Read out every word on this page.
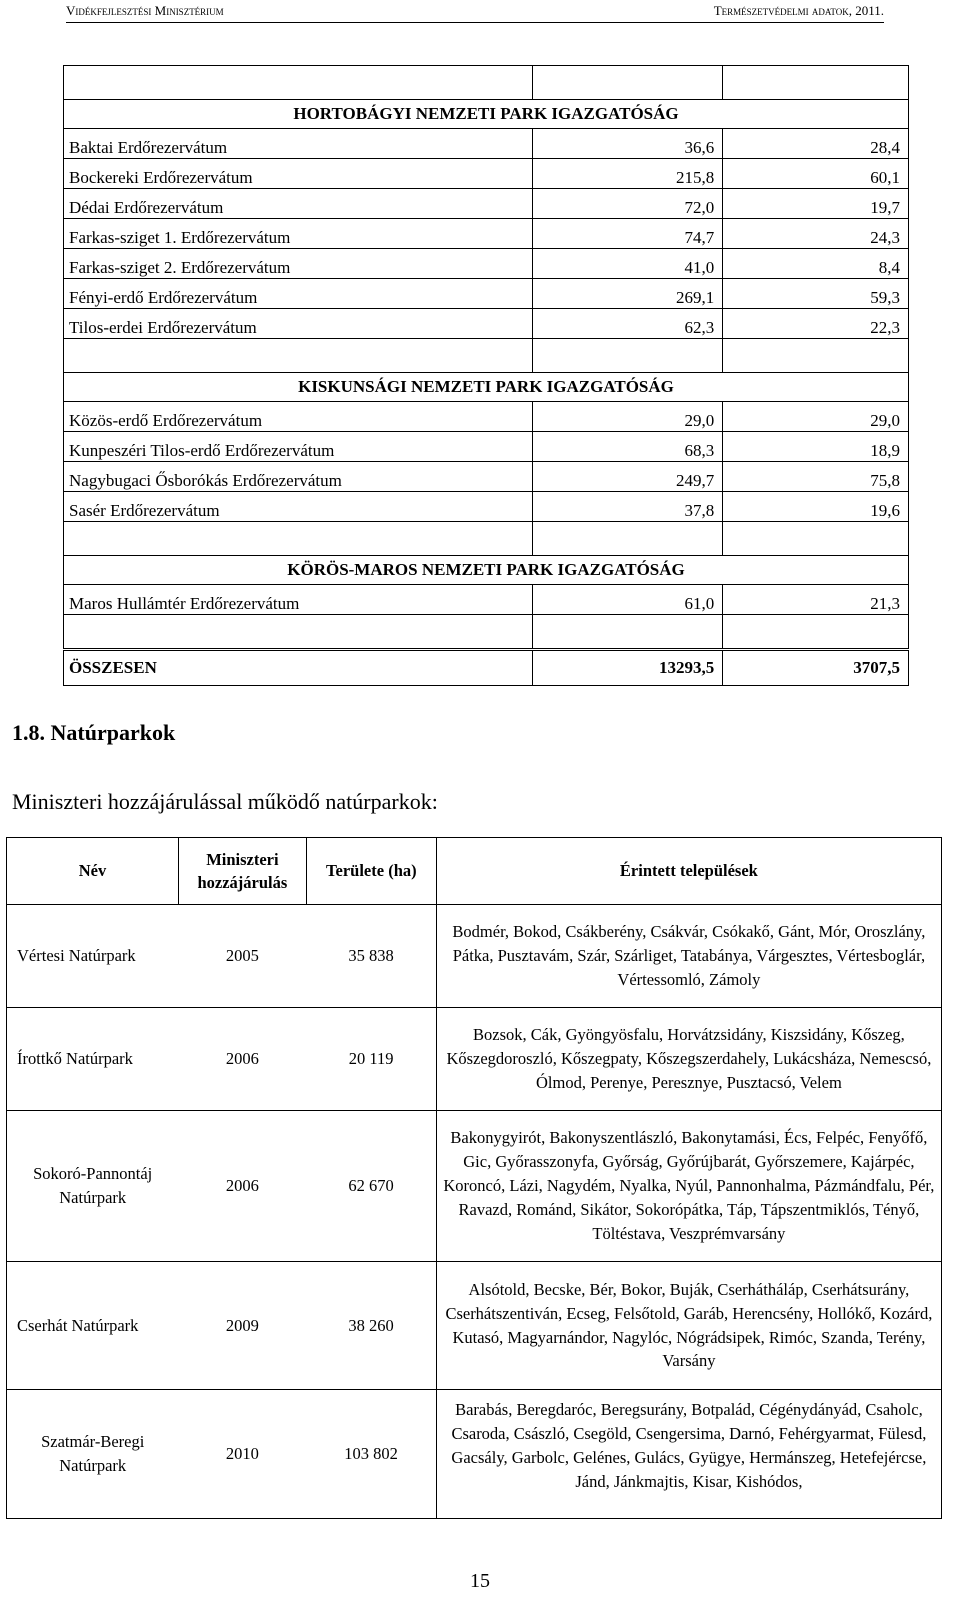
Vidékfejlesztési Minisztérium	Természetvédelmi adatok, 2011.

HORTOBÁGYI NEMZETI PARK IGAZGATÓSÁG		
Baktai Erdőrezervátum	36,6	28,4
Bockereki Erdőrezervátum	215,8	60,1
Dédai Erdőrezervátum	72,0	19,7
Farkas-sziget 1. Erdőrezervátum	74,7	24,3
Farkas-sziget 2. Erdőrezervátum	41,0	8,4
Fényi-erdő Erdőrezervátum	269,1	59,3
Tilos-erdei Erdőrezervátum	62,3	22,3

KISKUNSÁGI NEMZETI PARK IGAZGATÓSÁG		
Közös-erdő Erdőrezervátum	29,0	29,0
Kunpeszéri Tilos-erdő Erdőrezervátum	68,3	18,9
Nagybugaci Ősborókás Erdőrezervátum	249,7	75,8
Sasér Erdőrezervátum	37,8	19,6

KÖRÖS-MAROS NEMZETI PARK IGAZGATÓSÁG		
Maros Hullámtér Erdőrezervátum	61,0	21,3

ÖSSZESEN	13293,5	3707,5
1.8. Natúrparkok
Miniszteri hozzájárulással működő natúrparkok:
Név	Miniszteri hozzájárulás	Területe (ha)	Érintett települések
Vértesi Natúrpark	2005	35 838	Bodmér, Bokod, Csákberény, Csákvár, Csókakő, Gánt, Mór, Oroszlány, Pátka, Pusztavám, Szár, Szárliget, Tatabánya, Várgesztes, Vértesboglár, Vértessomló, Zámoly
Írottkő Natúrpark	2006	20 119	Bozsok, Cák, Gyöngyösfalu, Horvátzsidány, Kiszsidány, Kőszeg, Kőszegdoroszló, Kőszegpaty, Kőszegszerdahely, Lukácsháza, Nemescsó, Ólmod, Perenye, Peresznye, Pusztacsó, Velem
Sokoró-Pannontáj Natúrpark	2006	62 670	Bakonygyirót, Bakonyszentlászló, Bakonytamási, Écs, Felpéc, Fenyőfő, Gic, Győrasszonyfa, Győrság, Győrújbarát, Győrszemere, Kajárpéc, Koroncó, Lázi, Nagydém, Nyalka, Nyúl, Pannonhalma, Pázmándfalu, Pér, Ravazd, Románd, Sikátor, Sokorópátka, Táp, Tápszentmiklós, Tényő, Töltéstava, Veszprémvarsány
Cserhát Natúrpark	2009	38 260	Alsótold, Becske, Bér, Bokor, Buják, Cserhátháláp, Cserhátsurány, Cserhátszentiván, Ecseg, Felsőtold, Garáb, Herencsény, Hollókő, Kozárd, Kutasó, Magyarnándor, Nagylóc, Nógrádsipek, Rimóc, Szanda, Terény, Varsány
Szatmár-Beregi Natúrpark	2010	103 802	Barabás, Beregdaróc, Beregsurány, Botpalád, Cégénydányád, Csaholc, Csaroda, Császló, Csegöld, Csengersima, Darnó, Fehérgyarmat, Fülesd, Gacsály, Garbolc, Gelénes, Gulács, Gyügye, Hermánszeg, Hetefejércse, Jánd, Jánkmajtis, Kisar, Kishódos,
15
